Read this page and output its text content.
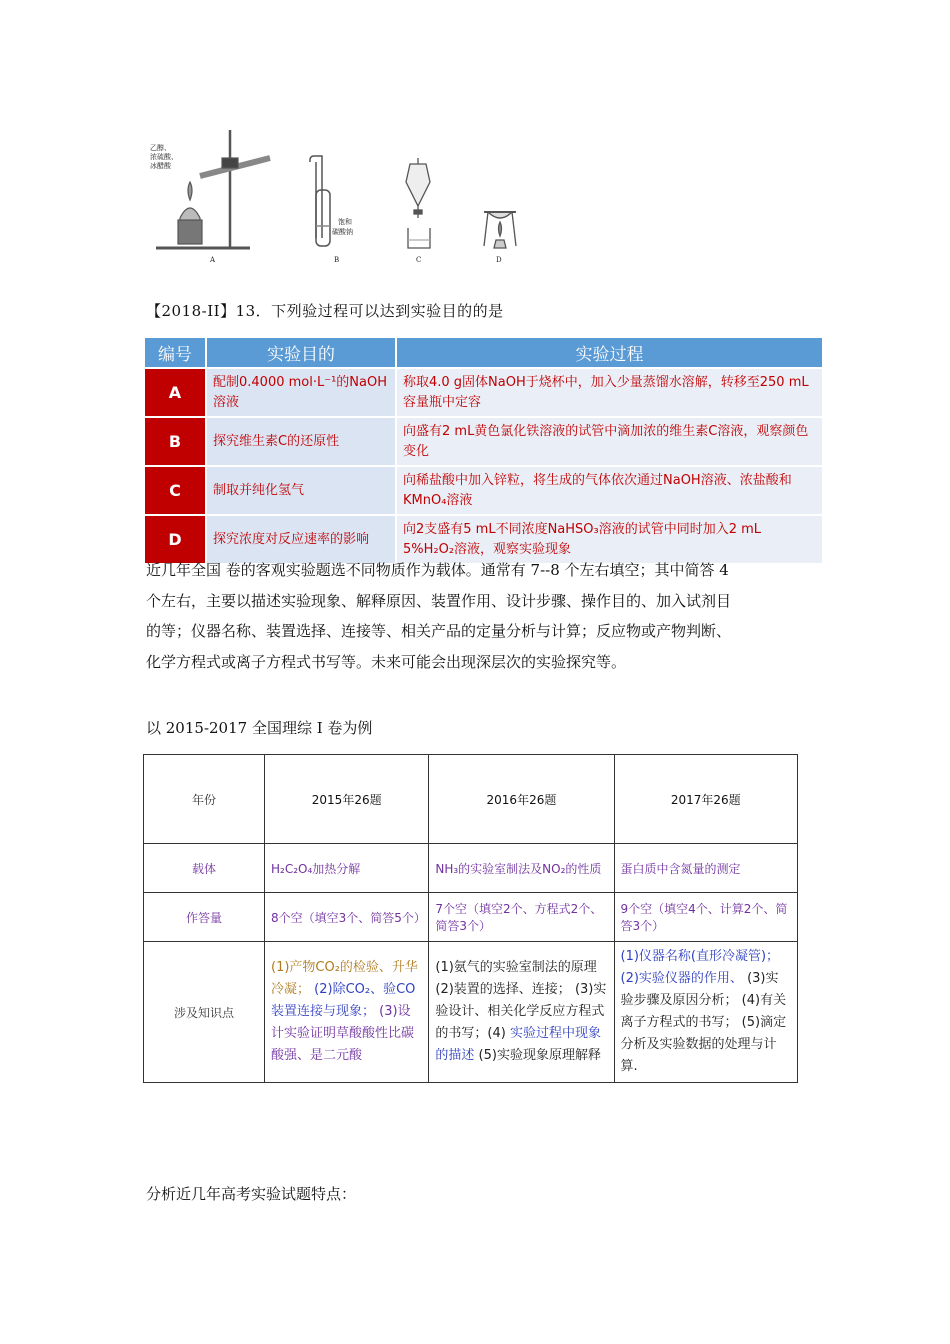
乙醇、
浓硫酸、
冰醋酸
A
饱和
碳酸钠
B	C	D
【2018-II】13．下列验过程可以达到实验目的的是
编号	实验目的	实验过程
A	配制0.4000 mol·L⁻¹的NaOH溶液	称取4.0 g固体NaOH于烧杯中，加入少量蒸馏水溶解，转移至250 mL容量瓶中定容
B	探究维生素C的还原性	向盛有2 mL黄色氯化铁溶液的试管中滴加浓的维生素C溶液，观察颜色变化
C	制取并纯化氢气	向稀盐酸中加入锌粒，将生成的气体依次通过NaOH溶液、浓盐酸和KMnO₄溶液
D	探究浓度对反应速率的影响	向2支盛有5 mL不同浓度NaHSO₃溶液的试管中同时加入2 mL 5%H₂O₂溶液，观察实验现象

近几年全国 卷的客观实验题选不同物质作为载体。通常有 7--8 个左右填空；其中简答 4

个左右，主要以描述实验现象、解释原因、装置作用、设计步骤、操作目的、加入试剂目

的等；仪器名称、装置选择、连接等、相关产品的定量分析与计算；反应物或产物判断、

化学方程式或离子方程式书写等。未来可能会出现深层次的实验探究等。

以 2015-2017 全国理综 I 卷为例
年份	2015年26题	2016年26题	2017年26题
载体	H₂C₂O₄加热分解	NH₃的实验室制法及NO₂的性质	蛋白质中含氮量的测定
作答量	8个空（填空3个、简答5个）	7个空（填空2个、方程式2个、简答3个）	9个空（填空4个、计算2个、简答3个）
涉及知识点	(1)产物CO₂的检验、升华冷凝； (2)除CO₂、验CO装置连接与现象； (3)设计实验证明草酸酸性比碳酸强、是二元酸	(1)氨气的实验室制法的原理(2)装置的选择、连接； (3)实验设计、相关化学反应方程式的书写；(4) 实验过程中现象的描述 (5)实验现象原理解释	(1)仪器名称(直形冷凝管)；(2)实验仪器的作用、 (3)实验步骤及原因分析； (4)有关离子方程式的书写； (5)滴定分析及实验数据的处理与计算.
分析近几年高考实验试题特点：
